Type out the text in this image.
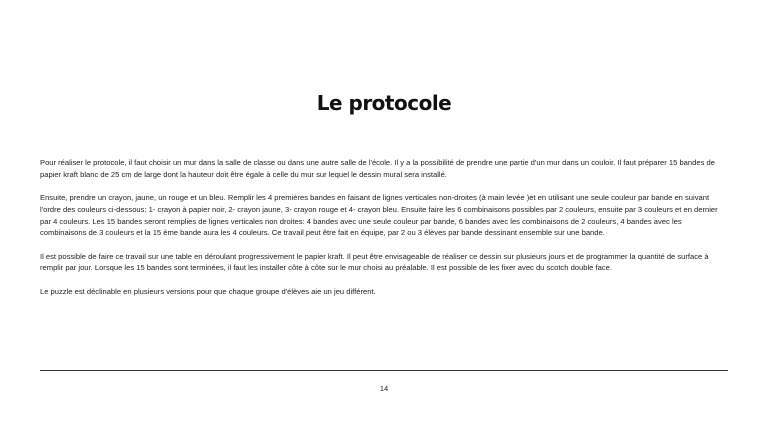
Le protocole

Pour réaliser le protocole, il faut choisir un mur dans la salle de classe ou dans une autre salle de l'école. Il y a la possibilité de prendre une partie d'un mur dans un couloir. Il faut préparer 15 bandes de papier kraft blanc de 25 cm de large dont la hauteur doit être égale à celle du mur sur lequel le dessin mural sera installé.

Ensuite, prendre un crayon, jaune, un rouge et un bleu. Remplir les 4 premières bandes en faisant de lignes verticales non-droites (à main levée )et en utilisant une seule couleur par bande en suivant l'ordre des couleurs ci-dessous: 1- crayon à papier noir, 2- crayon jaune, 3- crayon rouge et 4- crayon bleu. Ensuite faire les 6 combinaisons possibles par 2 couleurs, ensuite par 3 couleurs et en dernier par 4 couleurs. Les 15 bandes seront remplies de lignes verticales non droites: 4 bandes avec une seule couleur par bande, 6 bandes avec les combinaisons de 2 couleurs, 4 bandes avec les combinaisons de 3 couleurs et la 15 ème bande aura les 4 couleurs. Ce travail peut être fait en équipe, par 2 ou 3 élèves par bande dessinant ensemble sur une bande.

Il est possible de faire ce travail sur une table en déroulant progressivement le papier kraft. Il peut être envisageable de réaliser ce dessin sur plusieurs jours et de programmer la quantité de surface à remplir par jour. Lorsque les 15 bandes sont terminées, il faut les installer côte à côte sur le mur choisi au préalable. Il est possible de les fixer avec du scotch double face.

Le puzzle est déclinable en plusieurs versions pour que chaque groupe d'élèves aie un jeu différent.

14
